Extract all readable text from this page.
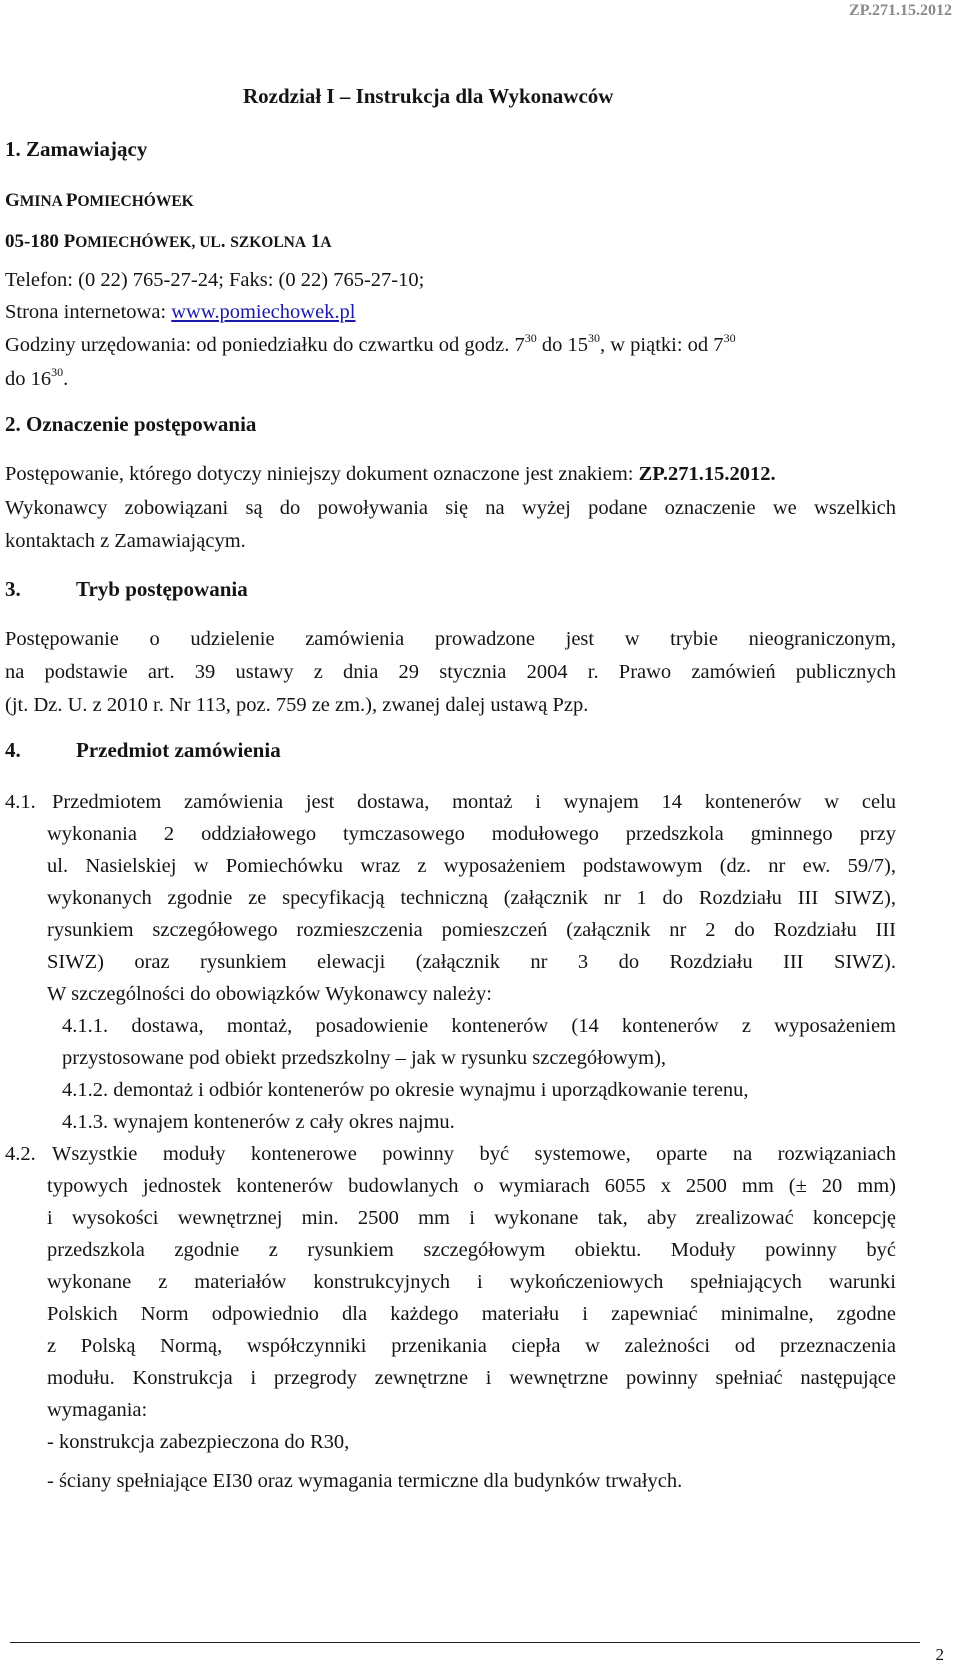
ZP.271.15.2012
Rozdział I – Instrukcja dla Wykonawców
1. Zamawiający
GMINA POMIECHÓWEK
05-180 POMIECHÓWEK, UL. SZKOLNA 1A
Telefon: (0 22) 765-27-24; Faks: (0 22) 765-27-10;
Strona internetowa: www.pomiechowek.pl
Godziny urzędowania: od poniedziałku do czwartku od godz. $7^{30}$ do $15^{30}$, w piątki: od $7^{30}$
do $16^{30}$.
2. Oznaczenie postępowania
Postępowanie, którego dotyczy niniejszy dokument oznaczone jest znakiem: ZP.271.15.2012.
Wykonawcy zobowiązani są do powoływania się na wyżej podane oznaczenie we wszelkich
kontaktach z Zamawiającym.
3.	Tryb postępowania
Postępowanie o udzielenie zamówienia prowadzone jest w trybie nieograniczonym,
na podstawie art. 39 ustawy z dnia 29 stycznia 2004 r. Prawo zamówień publicznych
(jt. Dz. U. z 2010 r. Nr 113, poz. 759 ze zm.), zwanej dalej ustawą Pzp.
4.	Przedmiot zamówienia
4.1. Przedmiotem zamówienia jest dostawa, montaż i wynajem 14 kontenerów w celu
wykonania 2 oddziałowego tymczasowego modułowego przedszkola gminnego przy
ul. Nasielskiej w Pomiechówku wraz z wyposażeniem podstawowym (dz. nr ew. 59/7),
wykonanych zgodnie ze specyfikacją techniczną (załącznik nr 1 do Rozdziału III SIWZ),
rysunkiem szczegółowego rozmieszczenia pomieszczeń (załącznik nr 2 do Rozdziału III
SIWZ) oraz rysunkiem elewacji (załącznik nr 3 do Rozdziału III SIWZ).
W szczególności do obowiązków Wykonawcy należy:
4.1.1. dostawa, montaż, posadowienie kontenerów (14 kontenerów z wyposażeniem
przystosowane pod obiekt przedszkolny – jak w rysunku szczegółowym),
4.1.2. demontaż i odbiór kontenerów po okresie wynajmu i uporządkowanie terenu,
4.1.3. wynajem kontenerów z cały okres najmu.
4.2. Wszystkie moduły kontenerowe powinny być systemowe, oparte na rozwiązaniach
typowych jednostek kontenerów budowlanych o wymiarach 6055 x 2500 mm (± 20 mm)
i wysokości wewnętrznej min. 2500 mm i wykonane tak, aby zrealizować koncepcję
przedszkola zgodnie z rysunkiem szczegółowym obiektu. Moduły powinny być
wykonane z materiałów konstrukcyjnych i wykończeniowych spełniających warunki
Polskich Norm odpowiednio dla każdego materiału i zapewniać minimalne, zgodne
z Polską Normą, współczynniki przenikania ciepła w zależności od przeznaczenia
modułu. Konstrukcja i przegrody zewnętrzne i wewnętrzne powinny spełniać następujące
wymagania:
- konstrukcja zabezpieczona do R30,
- ściany spełniające EI30 oraz wymagania termiczne dla budynków trwałych.
2
